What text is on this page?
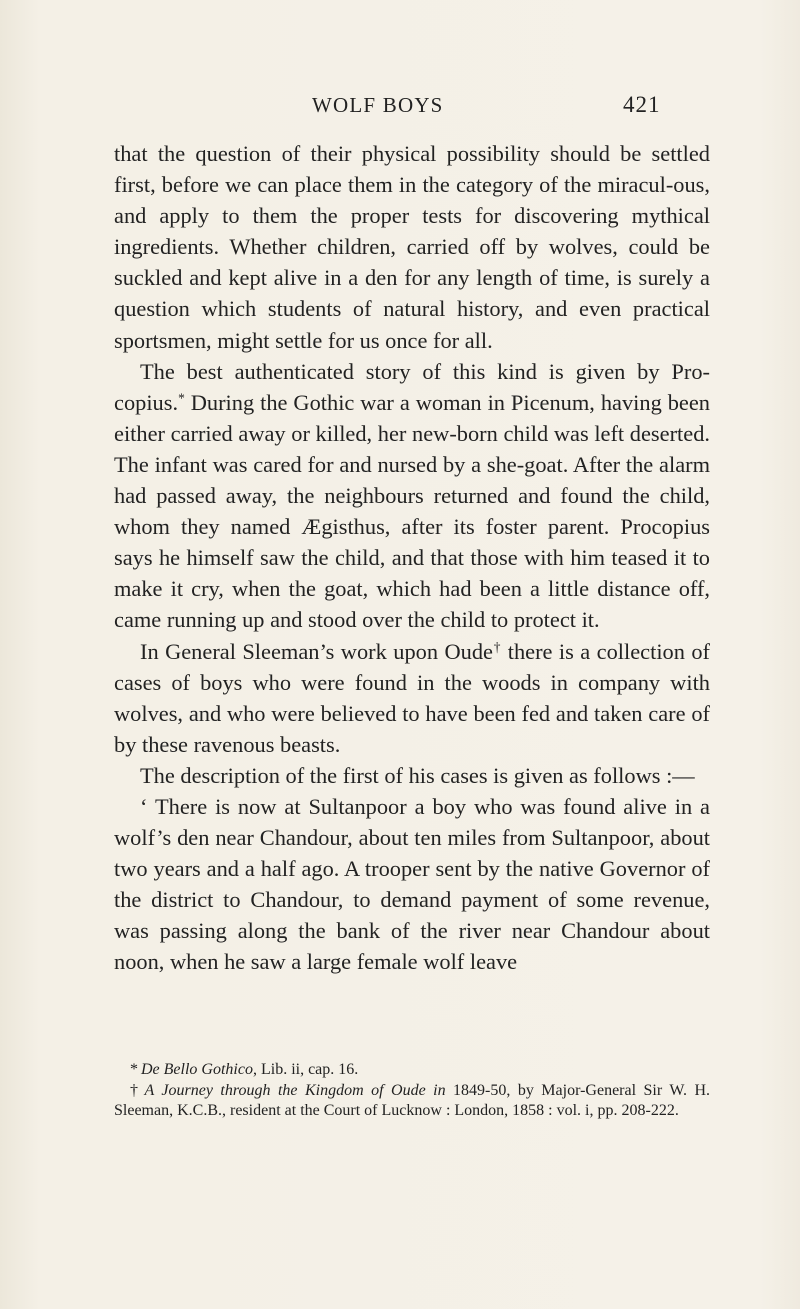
WOLF BOYS	421

that the question of their physical possibility should be settled first, before we can place them in the category of the miracul-ous, and apply to them the proper tests for discovering mythical ingredients. Whether children, carried off by wolves, could be suckled and kept alive in a den for any length of time, is surely a question which students of natural history, and even practical sportsmen, might settle for us once for all.

The best authenticated story of this kind is given by Pro-copius.* During the Gothic war a woman in Picenum, having been either carried away or killed, her new-born child was left deserted. The infant was cared for and nursed by a she-goat. After the alarm had passed away, the neighbours returned and found the child, whom they named Ægisthus, after its foster parent. Procopius says he himself saw the child, and that those with him teased it to make it cry, when the goat, which had been a little distance off, came running up and stood over the child to protect it.

In General Sleeman’s work upon Oude† there is a collection of cases of boys who were found in the woods in company with wolves, and who were believed to have been fed and taken care of by these ravenous beasts.

The description of the first of his cases is given as follows :—

‘ There is now at Sultanpoor a boy who was found alive in a wolf’s den near Chandour, about ten miles from Sultanpoor, about two years and a half ago. A trooper sent by the native Governor of the district to Chandour, to demand payment of some revenue, was passing along the bank of the river near Chandour about noon, when he saw a large female wolf leave

* De Bello Gothico, Lib. ii, cap. 16.

† A Journey through the Kingdom of Oude in 1849-50, by Major-General Sir W. H. Sleeman, K.C.B., resident at the Court of Lucknow : London, 1858 : vol. i, pp. 208-222.
